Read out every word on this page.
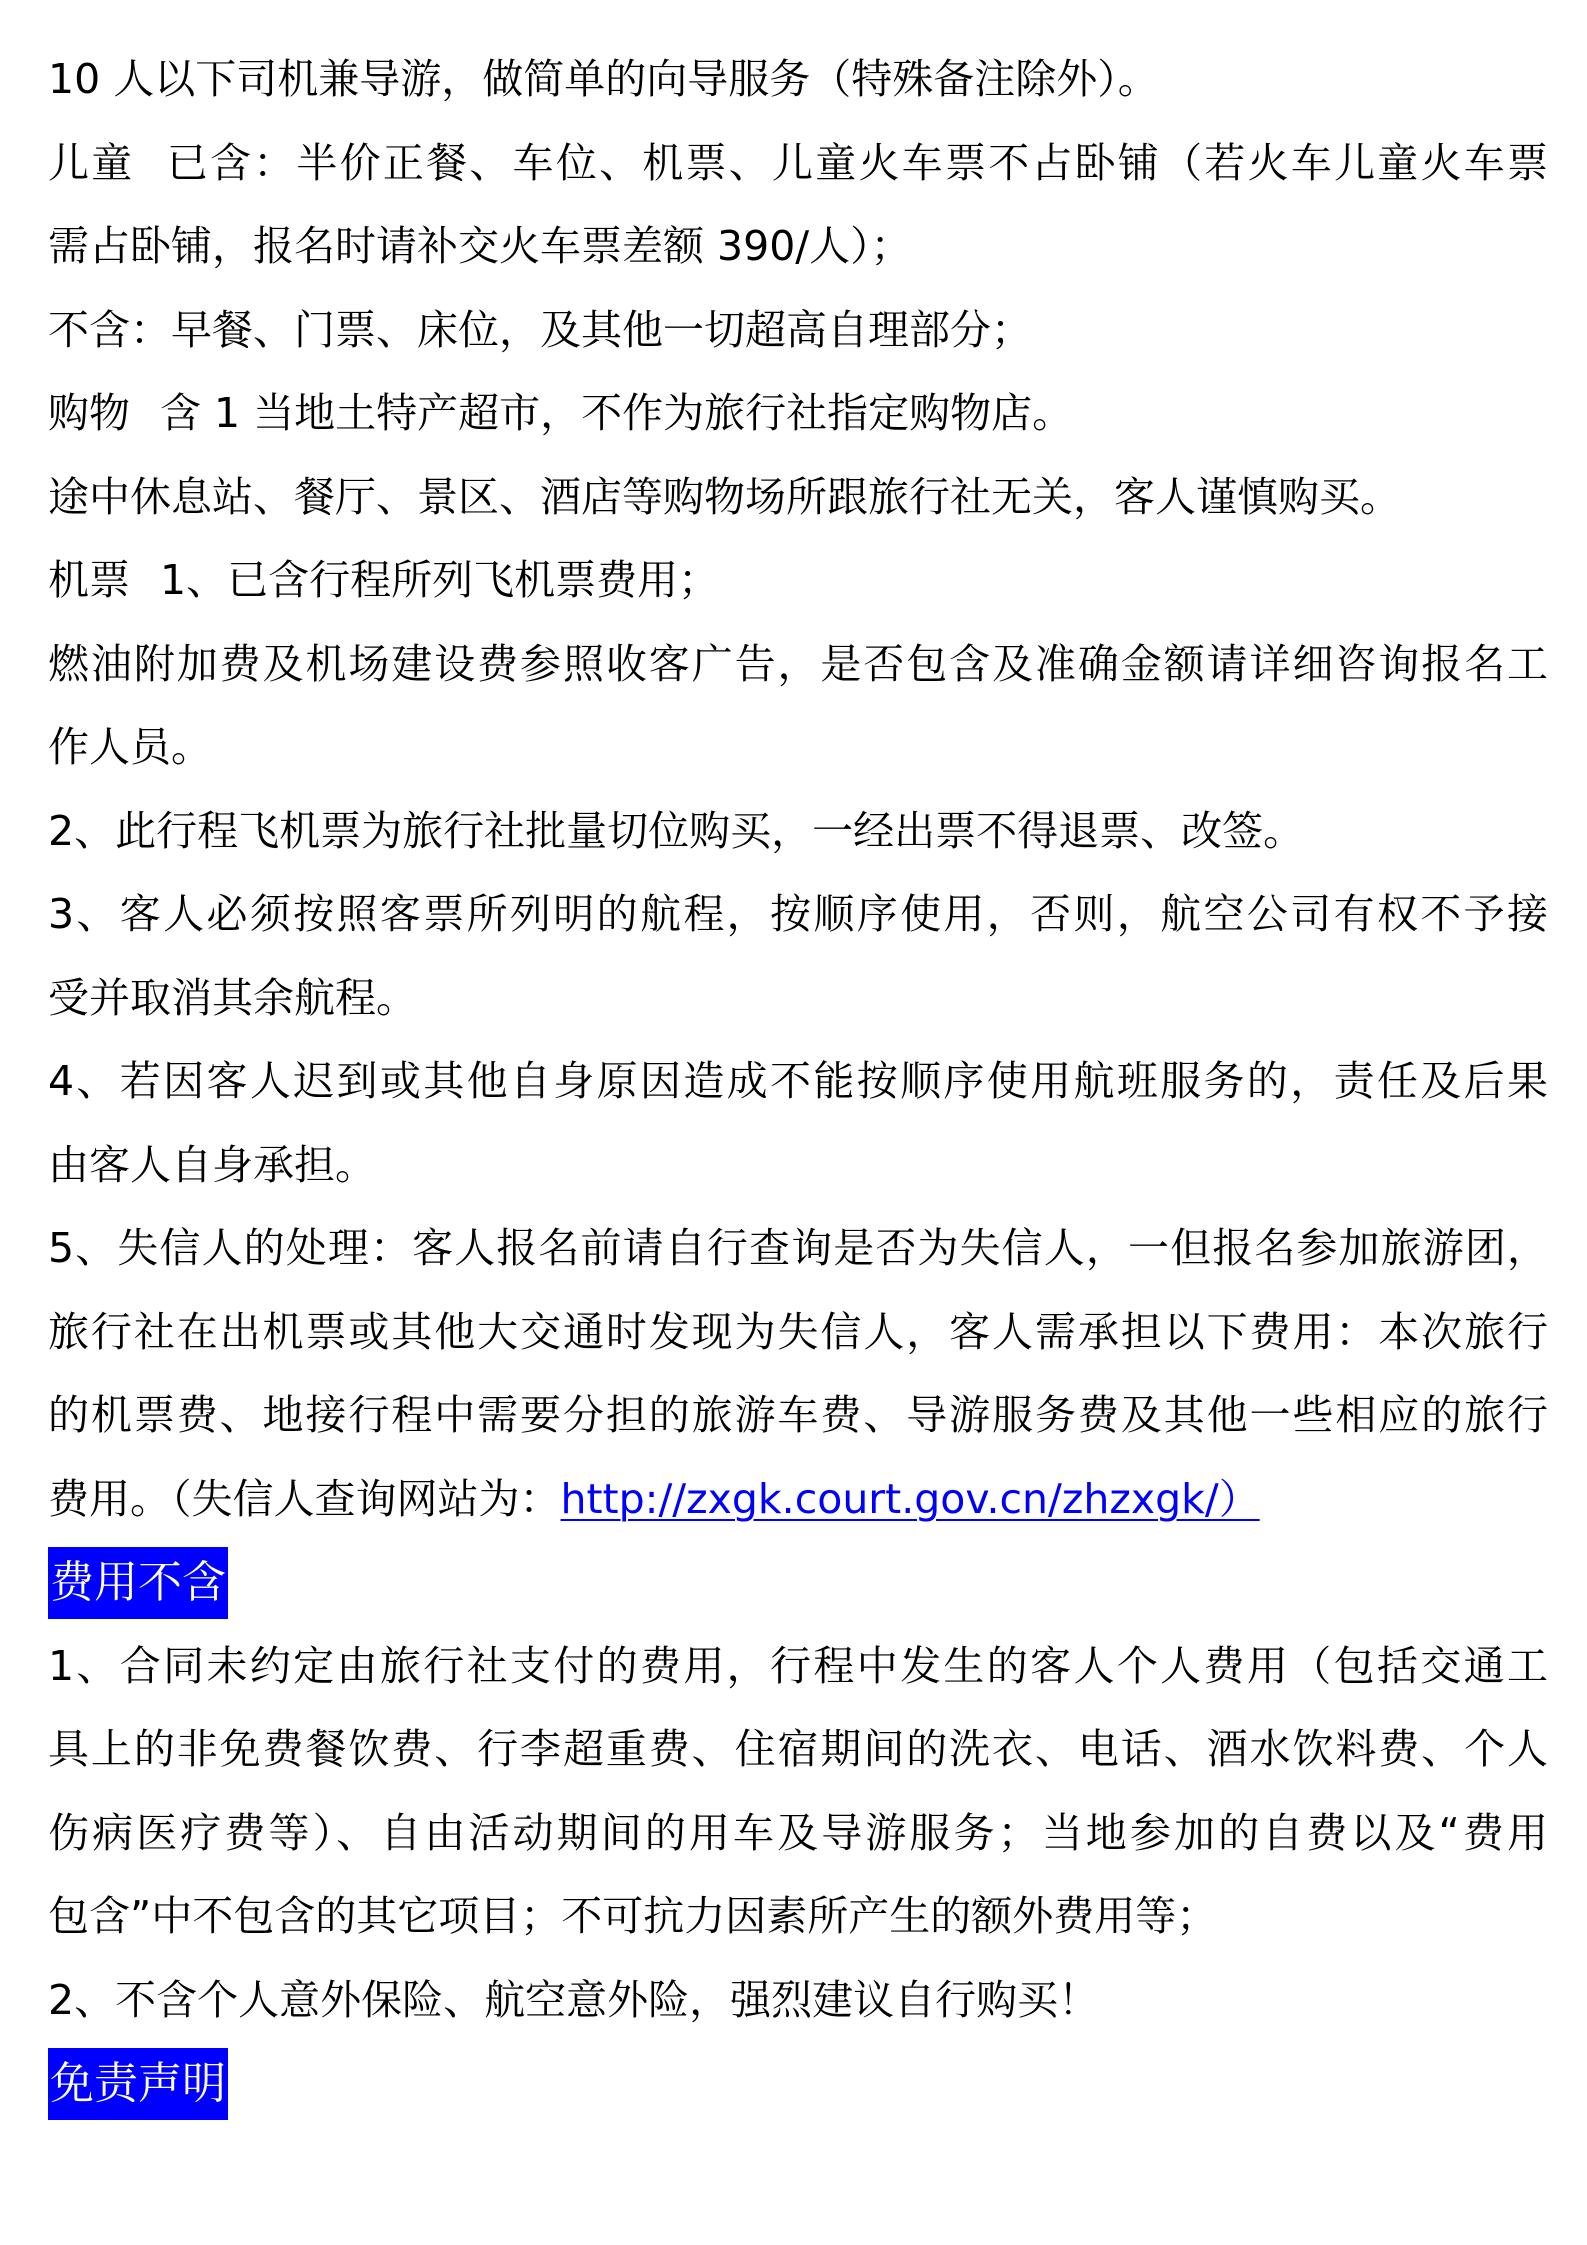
10 人以下司机兼导游，做简单的向导服务（特殊备注除外）。
儿童 已含：半价正餐、车位、机票、儿童火车票不占卧铺（若火车儿童火车票
需占卧铺，报名时请补交火车票差额 390/人）；
不含：早餐、门票、床位，及其他一切超高自理部分；
购物 含 1 当地土特产超市，不作为旅行社指定购物店。
途中休息站、餐厅、景区、酒店等购物场所跟旅行社无关，客人谨慎购买。
机票 1、已含行程所列飞机票费用；
燃油附加费及机场建设费参照收客广告，是否包含及准确金额请详细咨询报名工
作人员。
2、此行程飞机票为旅行社批量切位购买，一经出票不得退票、改签。
3、客人必须按照客票所列明的航程，按顺序使用，否则，航空公司有权不予接
受并取消其余航程。
4、若因客人迟到或其他自身原因造成不能按顺序使用航班服务的，责任及后果
由客人自身承担。
5、失信人的处理：客人报名前请自行查询是否为失信人，一但报名参加旅游团，
旅行社在出机票或其他大交通时发现为失信人，客人需承担以下费用：本次旅行
的机票费、地接行程中需要分担的旅游车费、导游服务费及其他一些相应的旅行
费用。（失信人查询网站为：http://zxgk.court.gov.cn/zhzxgk/）
费用不含
1、合同未约定由旅行社支付的费用，行程中发生的客人个人费用（包括交通工
具上的非免费餐饮费、行李超重费、住宿期间的洗衣、电话、酒水饮料费、个人
伤病医疗费等）、自由活动期间的用车及导游服务；当地参加的自费以及“费用
包含”中不包含的其它项目；不可抗力因素所产生的额外费用等；
2、不含个人意外保险、航空意外险，强烈建议自行购买！
免责声明
